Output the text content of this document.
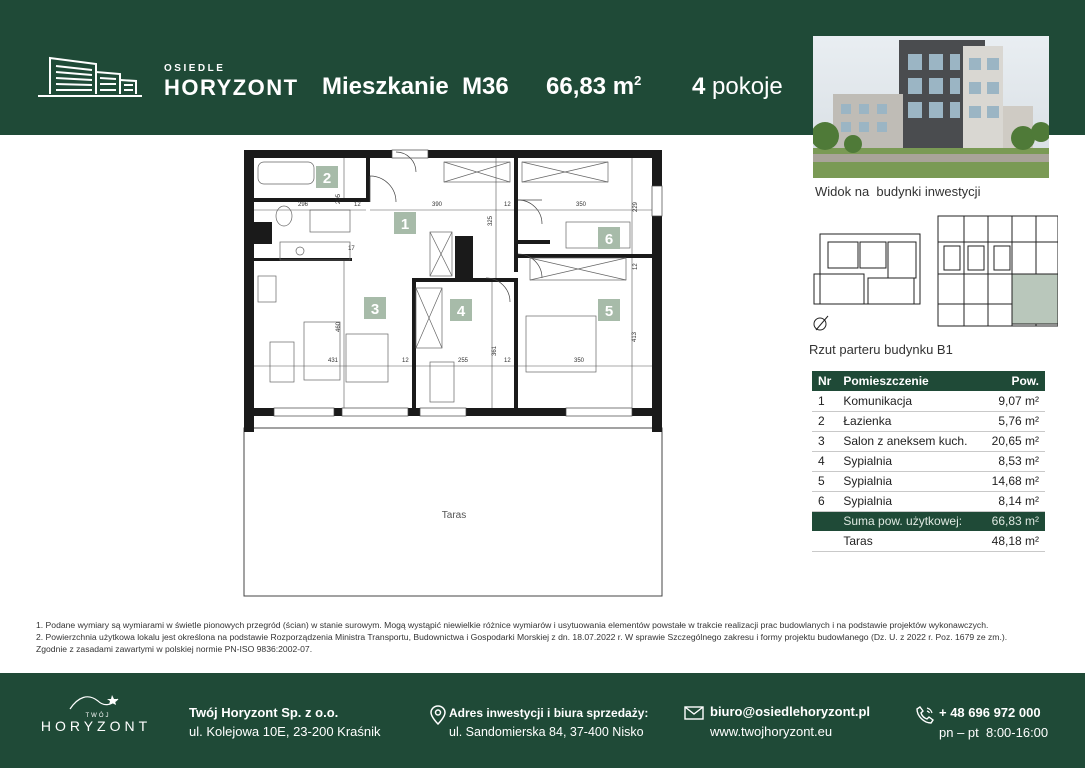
OSIEDLE
HORYZONT Mieszkanie  M36 66,83 $m^2$ 4 pokoje
Widok na  budynki inwestycji
Rzut parteru budynku B1
Taras
296
205
12	390	12	350	229
325
17
460
431	12	255
361
12	350
413
12
1
2
3	4	5
6
Nr	Pomieszczenie	Pow.
1	Komunikacja	9,07 m²
2	Łazienka	5,76 m²
3	Salon z aneksem kuch.	20,65 m²
4	Sypialnia	8,53 m²
5	Sypialnia	14,68 m²
6	Sypialnia	8,14 m²
	Suma pow. użytkowej:	66,83 m²
	Taras	48,18 m²
1. Podane wymiary są wymiarami w świetle pionowych przegród (ścian) w stanie surowym. Mogą wystąpić niewielkie różnice wymiarów i usytuowania elementów powstałe w trakcie realizacji prac budowlanych i na podstawie projektów wykonawczych.
2. Powierzchnia użytkowa lokalu jest określona na podstawie Rozporządzenia Ministra Transportu, Budownictwa i Gospodarki Morskiej z dn. 18.07.2022 r. W sprawie Szczególnego zakresu i formy projektu budowlanego (Dz. U. z 2022 r. Poz. 1679 ze zm.).
Zgodnie z zasadami zawartymi w polskiej normie PN-ISO 9836:2002-07.
TWÓJ
HORYZONT
Twój Horyzont Sp. z o.o.
ul. Kolejowa 10E, 23-200 Kraśnik
Adres inwestycji i biura sprzedaży:
ul. Sandomierska 84, 37-400 Nisko
biuro@osiedlehoryzont.pl
www.twojhoryzont.eu
+ 48 696 972 000
pn – pt  8:00-16:00
